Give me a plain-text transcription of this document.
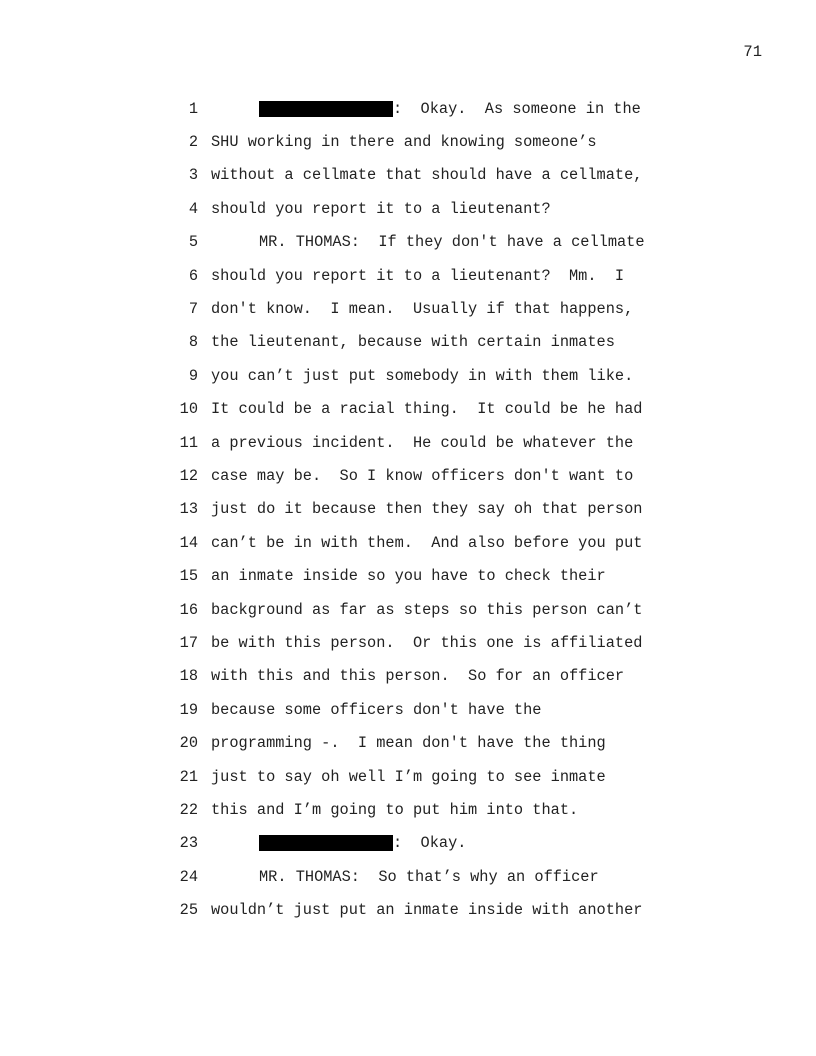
71
1	:  Okay.  As someone in the
2 SHU working in there and knowing someone’s
3 without a cellmate that should have a cellmate,
4 should you report it to a lieutenant?
5	MR. THOMAS:  If they don't have a cellmate
6 should you report it to a lieutenant?  Mm.  I
7 don't know.  I mean.  Usually if that happens,
8 the lieutenant, because with certain inmates
9 you can’t just put somebody in with them like.
10 It could be a racial thing.  It could be he had
11 a previous incident.  He could be whatever the
12 case may be.  So I know officers don't want to
13 just do it because then they say oh that person
14 can’t be in with them.  And also before you put
15 an inmate inside so you have to check their
16 background as far as steps so this person can’t
17 be with this person.  Or this one is affiliated
18 with this and this person.  So for an officer
19 because some officers don't have the
20 programming -.  I mean don't have the thing
21 just to say oh well I’m going to see inmate
22 this and I’m going to put him into that.
23	:  Okay.
24	MR. THOMAS:  So that’s why an officer
25 wouldn’t just put an inmate inside with another
